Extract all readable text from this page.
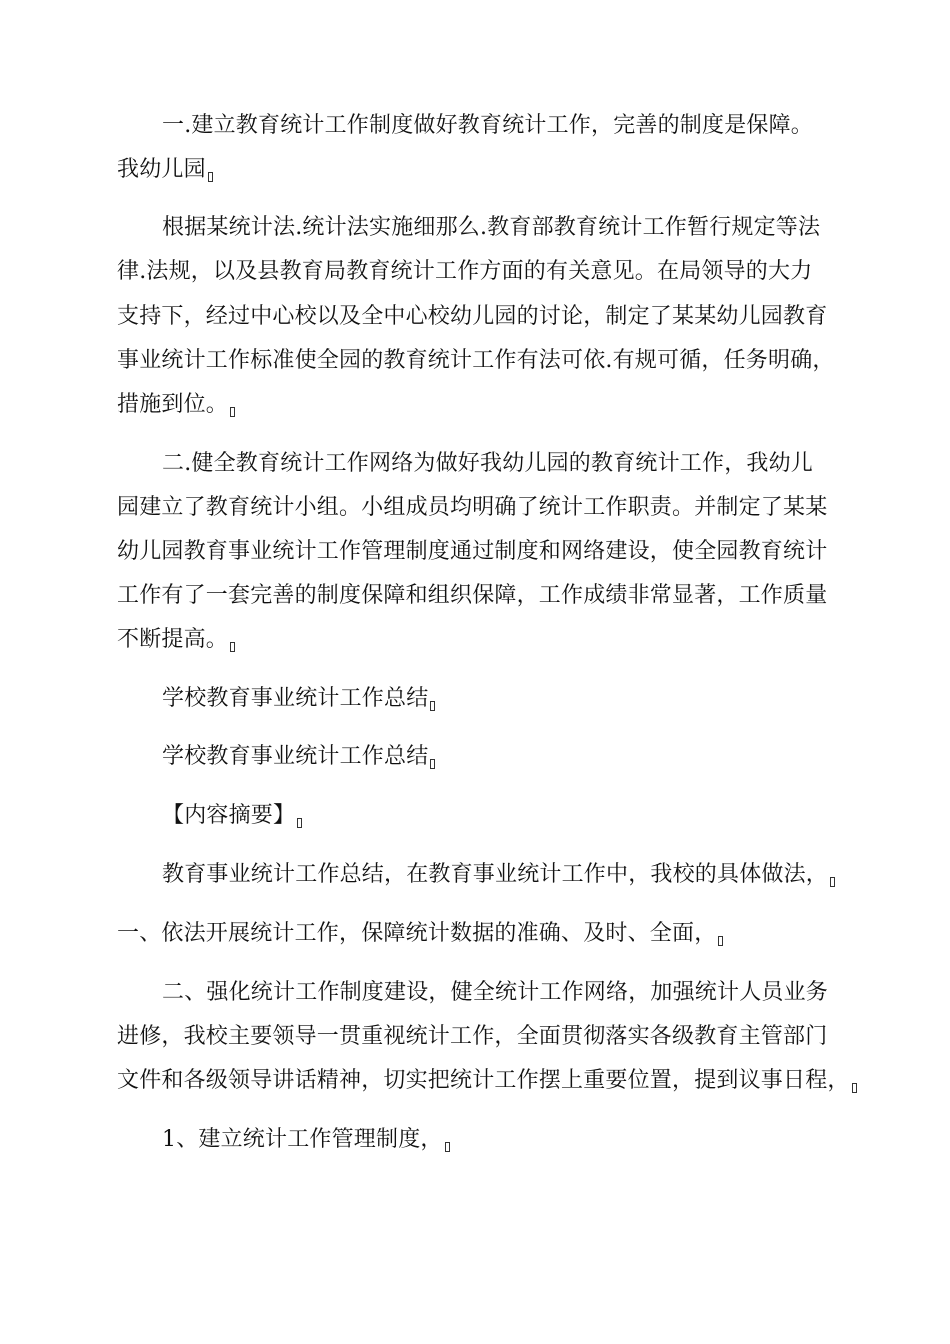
一.建立教育统计工作制度做好教育统计工作，完善的制度是保障。
我幼儿园
根据某统计法.统计法实施细那么.教育部教育统计工作暂行规定等法
律.法规，以及县教育局教育统计工作方面的有关意见。在局领导的大力
支持下，经过中心校以及全中心校幼儿园的讨论，制定了某某幼儿园教育
事业统计工作标准使全园的教育统计工作有法可依.有规可循，任务明确，
措施到位。
二.健全教育统计工作网络为做好我幼儿园的教育统计工作，我幼儿
园建立了教育统计小组。小组成员均明确了统计工作职责。并制定了某某
幼儿园教育事业统计工作管理制度通过制度和网络建设，使全园教育统计
工作有了一套完善的制度保障和组织保障，工作成绩非常显著，工作质量
不断提高。
学校教育事业统计工作总结
学校教育事业统计工作总结
【内容摘要】
教育事业统计工作总结，在教育事业统计工作中，我校的具体做法，
一、依法开展统计工作，保障统计数据的准确、及时、全面，
二、强化统计工作制度建设，健全统计工作网络，加强统计人员业务
进修，我校主要领导一贯重视统计工作，全面贯彻落实各级教育主管部门
文件和各级领导讲话精神，切实把统计工作摆上重要位置，提到议事日程，
1、建立统计工作管理制度，
